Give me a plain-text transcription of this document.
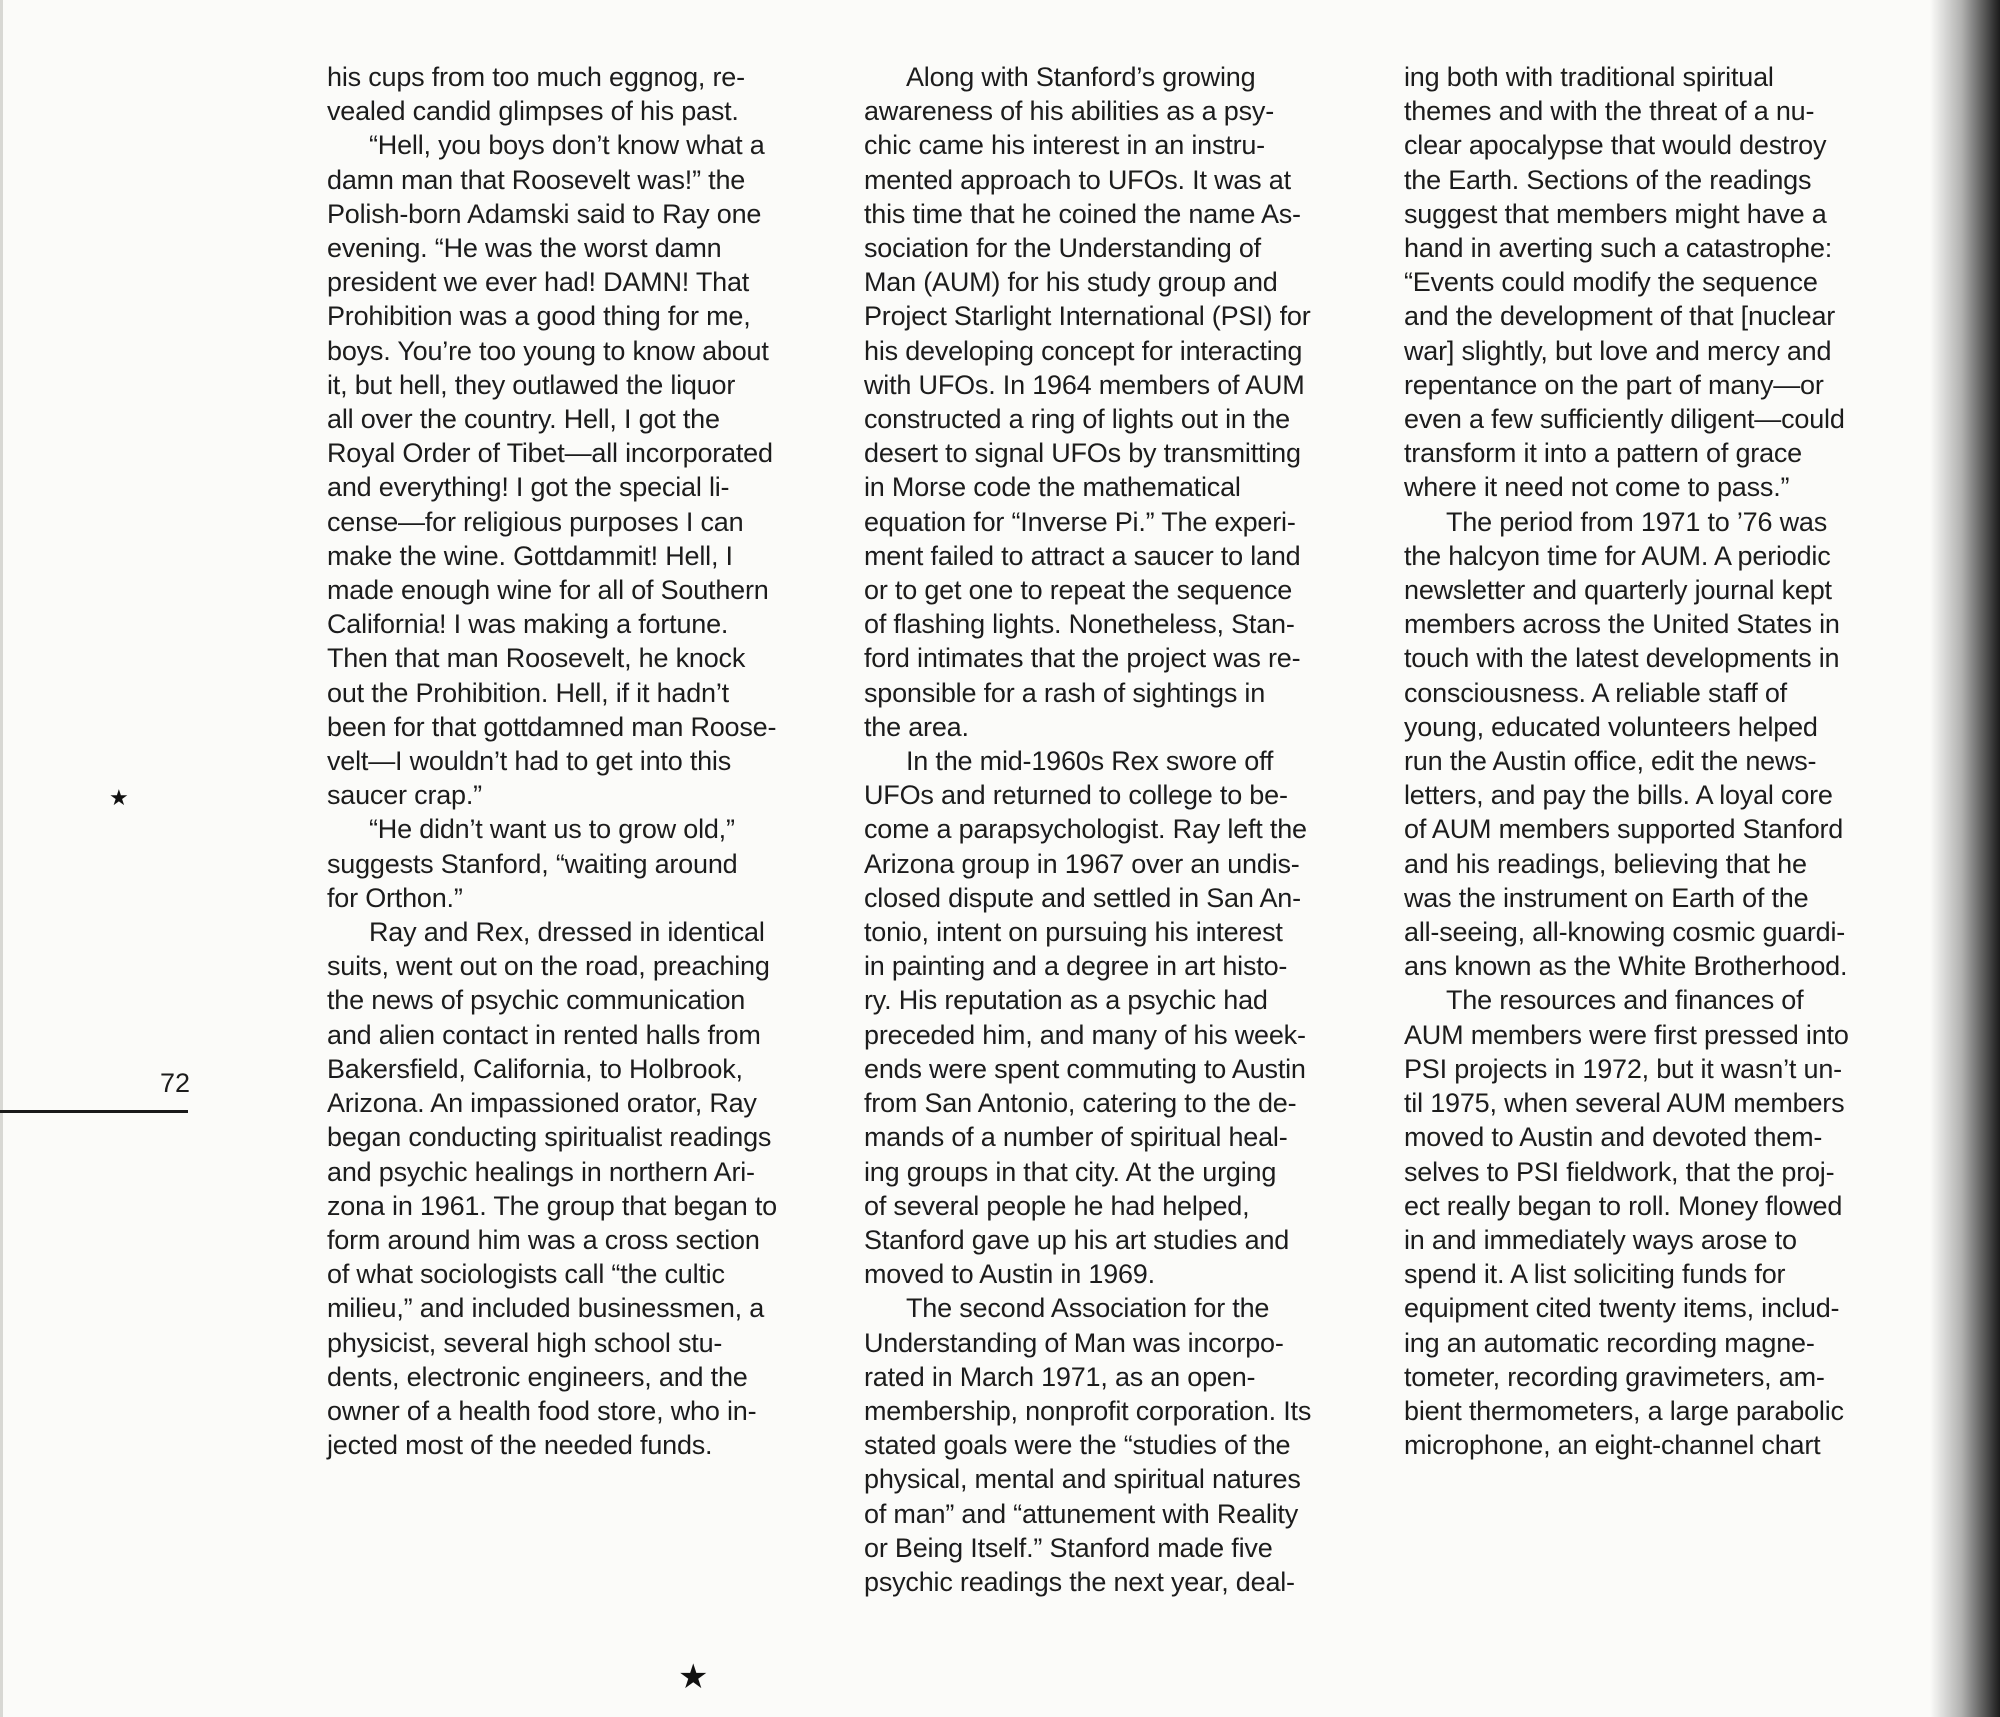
his cups from too much eggnog, re-
vealed candid glimpses of his past.

“Hell, you boys don’t know what a
damn man that Roosevelt was!” the
Polish-born Adamski said to Ray one
evening. “He was the worst damn
president we ever had! DAMN! That
Prohibition was a good thing for me,
boys. You’re too young to know about
it, but hell, they outlawed the liquor
all over the country. Hell, I got the
Royal Order of Tibet—all incorporated
and everything! I got the special li-
cense—for religious purposes I can
make the wine. Gottdammit! Hell, I
made enough wine for all of Southern
California! I was making a fortune.
Then that man Roosevelt, he knock
out the Prohibition. Hell, if it hadn’t
been for that gottdamned man Roose-
velt—I wouldn’t had to get into this
saucer crap.”

“He didn’t want us to grow old,”
suggests Stanford, “waiting around
for Orthon.”

Ray and Rex, dressed in identical
suits, went out on the road, preaching
the news of psychic communication
and alien contact in rented halls from
Bakersfield, California, to Holbrook,
Arizona. An impassioned orator, Ray
began conducting spiritualist readings
and psychic healings in northern Ari-
zona in 1961. The group that began to
form around him was a cross section
of what sociologists call “the cultic
milieu,” and included businessmen, a
physicist, several high school stu-
dents, electronic engineers, and the
owner of a health food store, who in-
jected most of the needed funds.

Along with Stanford’s growing
awareness of his abilities as a psy-
chic came his interest in an instru-
mented approach to UFOs. It was at
this time that he coined the name As-
sociation for the Understanding of
Man (AUM) for his study group and
Project Starlight International (PSI) for
his developing concept for interacting
with UFOs. In 1964 members of AUM
constructed a ring of lights out in the
desert to signal UFOs by transmitting
in Morse code the mathematical
equation for “Inverse Pi.” The experi-
ment failed to attract a saucer to land
or to get one to repeat the sequence
of flashing lights. Nonetheless, Stan-
ford intimates that the project was re-
sponsible for a rash of sightings in
the area.

In the mid-1960s Rex swore off
UFOs and returned to college to be-
come a parapsychologist. Ray left the
Arizona group in 1967 over an undis-
closed dispute and settled in San An-
tonio, intent on pursuing his interest
in painting and a degree in art histo-
ry. His reputation as a psychic had
preceded him, and many of his week-
ends were spent commuting to Austin
from San Antonio, catering to the de-
mands of a number of spiritual heal-
ing groups in that city. At the urging
of several people he had helped,
Stanford gave up his art studies and
moved to Austin in 1969.

The second Association for the
Understanding of Man was incorpo-
rated in March 1971, as an open-
membership, nonprofit corporation. Its
stated goals were the “studies of the
physical, mental and spiritual natures
of man” and “attunement with Reality
or Being Itself.” Stanford made five
psychic readings the next year, deal-

ing both with traditional spiritual
themes and with the threat of a nu-
clear apocalypse that would destroy
the Earth. Sections of the readings
suggest that members might have a
hand in averting such a catastrophe:
“Events could modify the sequence
and the development of that [nuclear
war] slightly, but love and mercy and
repentance on the part of many—or
even a few sufficiently diligent—could
transform it into a pattern of grace
where it need not come to pass.”

The period from 1971 to ’76 was
the halcyon time for AUM. A periodic
newsletter and quarterly journal kept
members across the United States in
touch with the latest developments in
consciousness. A reliable staff of
young, educated volunteers helped
run the Austin office, edit the news-
letters, and pay the bills. A loyal core
of AUM members supported Stanford
and his readings, believing that he
was the instrument on Earth of the
all-seeing, all-knowing cosmic guardi-
ans known as the White Brotherhood.

The resources and finances of
AUM members were first pressed into
PSI projects in 1972, but it wasn’t un-
til 1975, when several AUM members
moved to Austin and devoted them-
selves to PSI fieldwork, that the proj-
ect really began to roll. Money flowed
in and immediately ways arose to
spend it. A list soliciting funds for
equipment cited twenty items, includ-
ing an automatic recording magne-
tometer, recording gravimeters, am-
bient thermometers, a large parabolic
microphone, an eight-channel chart

★
72
★
